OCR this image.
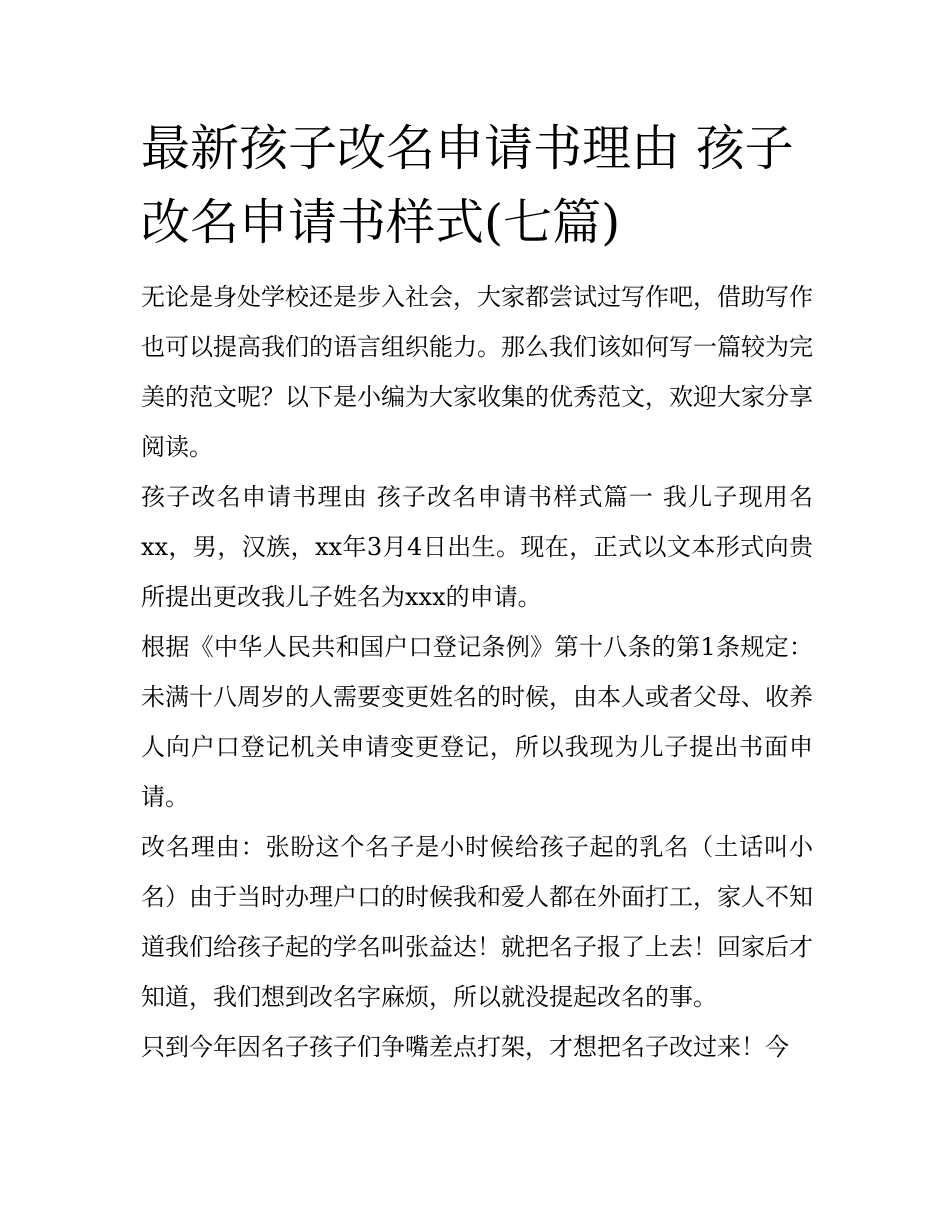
最新孩子改名申请书理由 孩子改名申请书样式(七篇)

无论是身处学校还是步入社会，大家都尝试过写作吧，借助写作也可以提高我们的语言组织能力。那么我们该如何写一篇较为完美的范文呢？以下是小编为大家收集的优秀范文，欢迎大家分享阅读。

孩子改名申请书理由 孩子改名申请书样式篇一 我儿子现用名xx，男，汉族，xx年3月4日出生。现在，正式以文本形式向贵所提出更改我儿子姓名为xxx的申请。

根据《中华人民共和国户口登记条例》第十八条的第1条规定：未满十八周岁的人需要变更姓名的时候，由本人或者父母、收养人向户口登记机关申请变更登记，所以我现为儿子提出书面申请。

改名理由：张盼这个名子是小时候给孩子起的乳名（土话叫小名）由于当时办理户口的时候我和爱人都在外面打工，家人不知道我们给孩子起的学名叫张益达！就把名子报了上去！回家后才知道，我们想到改名字麻烦，所以就没提起改名的事。

只到今年因名子孩子们争嘴差点打架，才想把名子改过来！今
